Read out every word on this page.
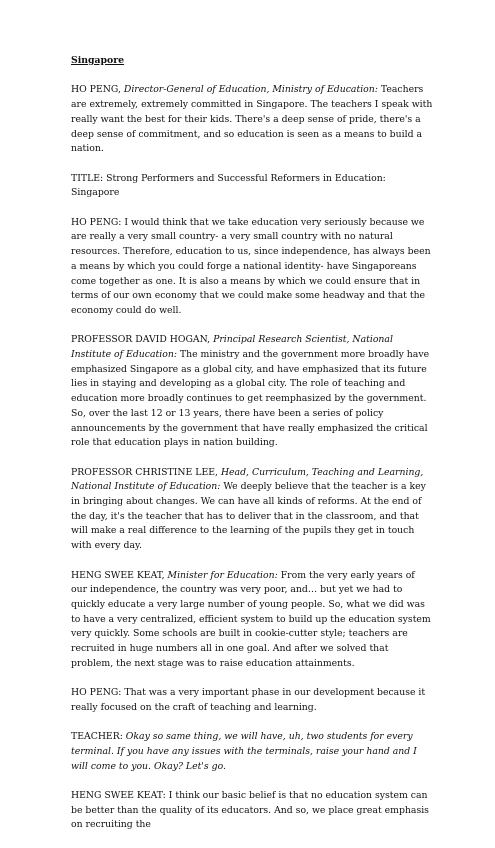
Singapore

HO PENG, Director-General of Education, Ministry of Education: Teachers are extremely, extremely committed in Singapore. The teachers I speak with really want the best for their kids. There's a deep sense of pride, there's a deep sense of commitment, and so education is seen as a means to build a nation.

TITLE: Strong Performers and Successful Reformers in Education: Singapore

HO PENG: I would think that we take education very seriously because we are really a very small country- a very small country with no natural resources. Therefore, education to us, since independence, has always been a means by which you could forge a national identity- have Singaporeans come together as one. It is also a means by which we could ensure that in terms of our own economy that we could make some headway and that the economy could do well.

PROFESSOR DAVID HOGAN, Principal Research Scientist, National Institute of Education: The ministry and the government more broadly have emphasized Singapore as a global city, and have emphasized that its future lies in staying and developing as a global city. The role of teaching and education more broadly continues to get reemphasized by the government. So, over the last 12 or 13 years, there have been a series of policy announcements by the government that have really emphasized the critical role that education plays in nation building.

PROFESSOR CHRISTINE LEE, Head, Curriculum, Teaching and Learning, National Institute of Education: We deeply believe that the teacher is a key in bringing about changes. We can have all kinds of reforms. At the end of the day, it's the teacher that has to deliver that in the classroom, and that will make a real difference to the learning of the pupils they get in touch with every day.

HENG SWEE KEAT, Minister for Education: From the very early years of our independence, the country was very poor, and… but yet we had to quickly educate a very large number of young people. So, what we did was to have a very centralized, efficient system to build up the education system very quickly. Some schools are built in cookie-cutter style; teachers are recruited in huge numbers all in one goal. And after we solved that problem, the next stage was to raise education attainments.

HO PENG: That was a very important phase in our development because it really focused on the craft of teaching and learning.

TEACHER: Okay so same thing, we will have, uh, two students for every terminal. If you have any issues with the terminals, raise your hand and I will come to you. Okay? Let's go.

HENG SWEE KEAT: I think our basic belief is that no education system can be better than the quality of its educators. And so, we place great emphasis on recruiting the
